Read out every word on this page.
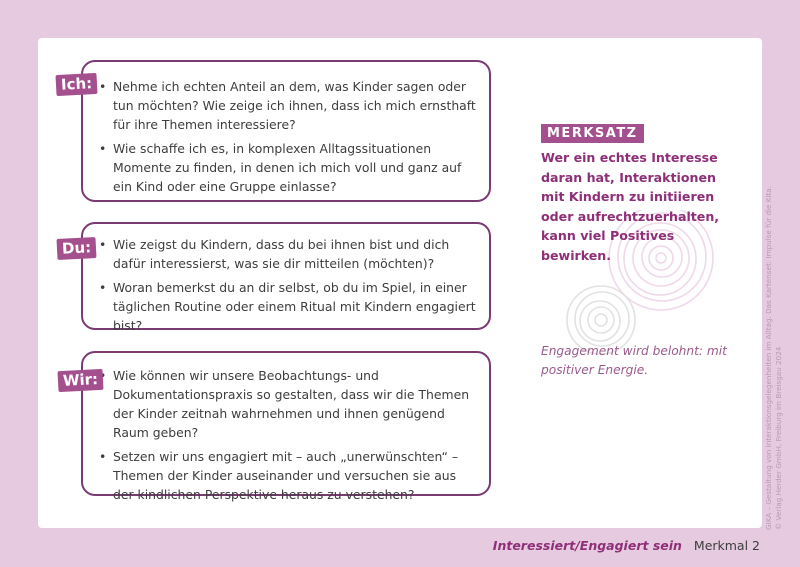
• Nehme ich echten Anteil an dem, was Kinder sagen oder tun möchten? Wie zeige ich ihnen, dass ich mich ernsthaft für ihre Themen interessiere?
• Wie schaffe ich es, in komplexen Alltagssituationen Momente zu finden, in denen ich mich voll und ganz auf ein Kind oder eine Gruppe einlasse?
Ich:
• Wie zeigst du Kindern, dass du bei ihnen bist und dich dafür interessierst, was sie dir mitteilen (möchten)?
• Woran bemerkst du an dir selbst, ob du im Spiel, in einer täglichen Routine oder einem Ritual mit Kindern engagiert bist?
Du:
• Wie können wir unsere Beobachtungs- und Dokumentationspraxis so gestalten, dass wir die Themen der Kinder zeitnah wahrnehmen und ihnen genügend Raum geben?
• Setzen wir uns engagiert mit – auch „unerwünschten“ – Themen der Kinder auseinander und versuchen sie aus der kindlichen Perspektive heraus zu verstehen?
Wir:
MERKSATZ
Wer ein echtes Interesse daran hat, Interaktionen mit Kindern zu initiieren oder aufrechtzuerhalten, kann viel Positives bewirken.
Engagement wird belohnt: mit positiver Energie.	GIKA – Gestaltung von Interaktionsgelegenheiten im Alltag. Das Kartenset: Impulse für die Kita. © Verlag Herder GmbH, Freiburg im Breisgau 2024
Interessiert/Engagiert sein Merkmal 2
